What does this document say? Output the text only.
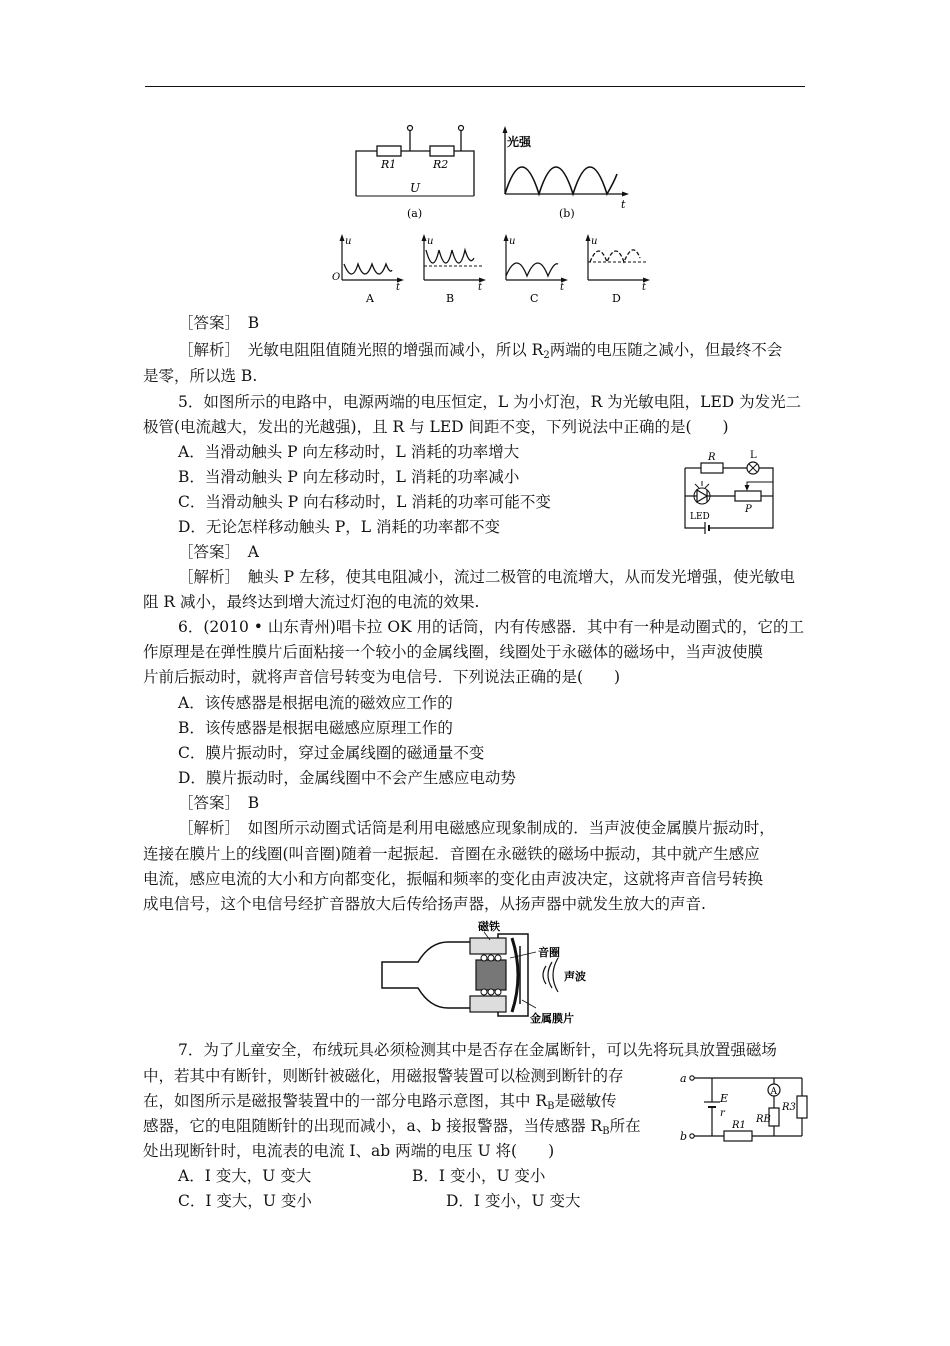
R1	R2
U
(a)
光强
t
(b)
u
O
t
A
u
t
B
u
t
C
u
t
D
［答案］　B
［解析］　光敏电阻阻值随光照的增强而减小，所以 $R_2$两端的电压随之减小，但最终不会
是零，所以选 B.
5．如图所示的电路中，电源两端的电压恒定，L 为小灯泡，R 为光敏电阻，LED 为发光二
极管(电流越大，发出的光越强)，且 R 与 LED 间距不变，下列说法中正确的是(　　)
A．当滑动触头 P 向左移动时，L 消耗的功率增大
B．当滑动触头 P 向左移动时，L 消耗的功率减小
C．当滑动触头 P 向右移动时，L 消耗的功率可能不变
D．无论怎样移动触头 P，L 消耗的功率都不变
R	L
LED
P
［答案］　A
［解析］　触头 P 左移，使其电阻减小，流过二极管的电流增大，从而发光增强，使光敏电
阻 R 减小，最终达到增大流过灯泡的电流的效果.
6．(2010 • 山东青州)唱卡拉 OK 用的话筒，内有传感器．其中有一种是动圈式的，它的工
作原理是在弹性膜片后面粘接一个较小的金属线圈，线圈处于永磁体的磁场中，当声波使膜
片前后振动时，就将声音信号转变为电信号．下列说法正确的是(　　)
A．该传感器是根据电流的磁效应工作的
B．该传感器是根据电磁感应原理工作的
C．膜片振动时，穿过金属线圈的磁通量不变
D．膜片振动时，金属线圈中不会产生感应电动势
［答案］　B
［解析］　如图所示动圈式话筒是利用电磁感应现象制成的．当声波使金属膜片振动时，
连接在膜片上的线圈(叫音圈)随着一起振起．音圈在永磁铁的磁场中振动，其中就产生感应
电流，感应电流的大小和方向都变化，振幅和频率的变化由声波决定，这就将声音信号转换
成电信号，这个电信号经扩音器放大后传给扬声器，从扬声器中就发生放大的声音.
磁铁
音圈
声波
金属膜片
7．为了儿童安全，布绒玩具必须检测其中是否存在金属断针，可以先将玩具放置强磁场
中，若其中有断针，则断针被磁化，用磁报警装置可以检测到断针的存
在，如图所示是磁报警装置中的一部分电路示意图，其中 $R_B$是磁敏传
感器，它的电阻随断针的出现而减小，a、b 接报警器，当传感器 $R_B$所在
处出现断针时，电流表的电流 I、ab 两端的电压 U 将(　　)
A．I 变大，U 变大	B．I 变小，U 变小
C．I 变大，U 变小	D．I 变小，U 变大
a
b
E
r
A
RB
R3
R1
